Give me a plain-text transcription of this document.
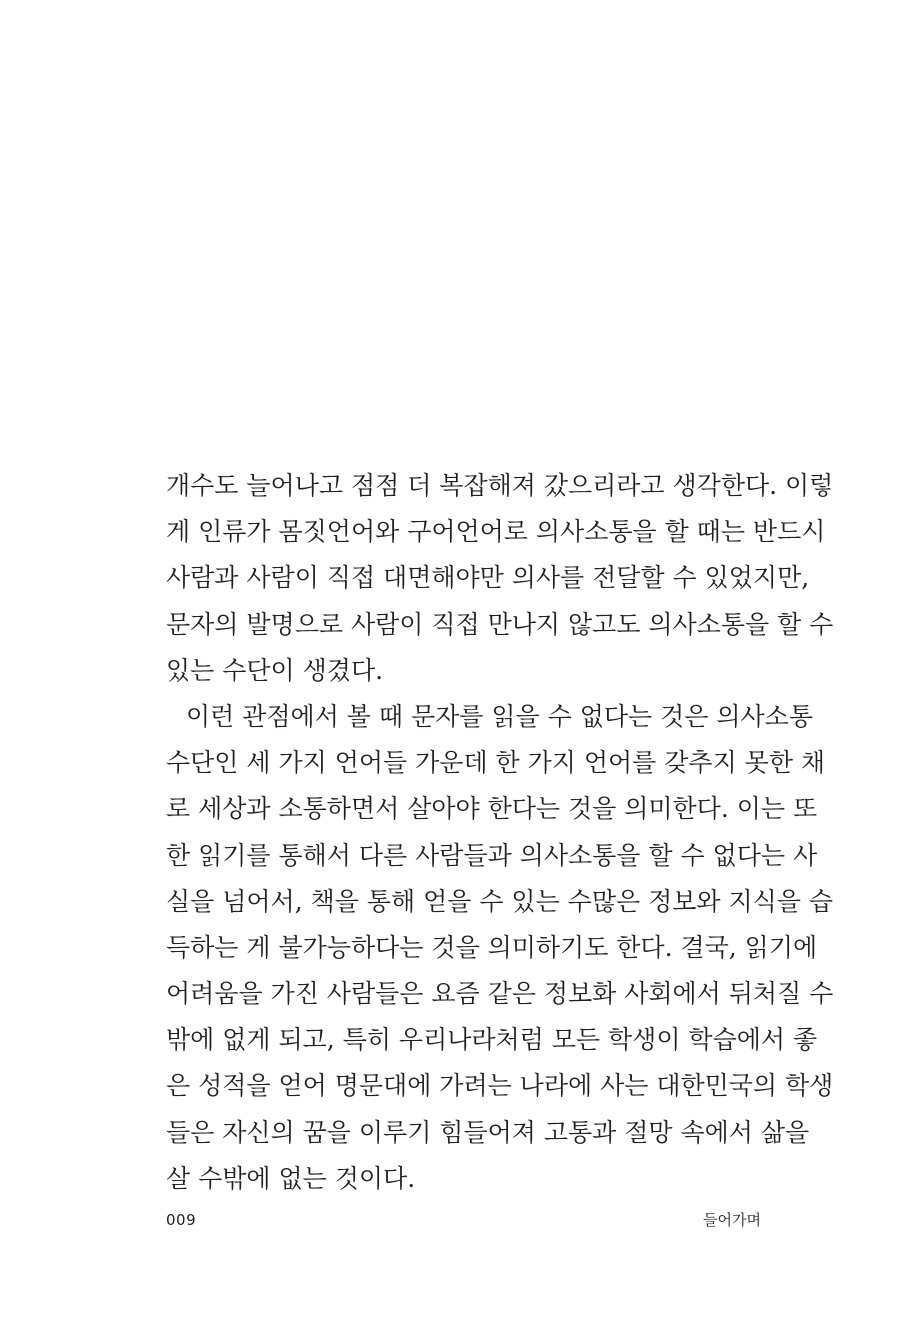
개수도 늘어나고 점점 더 복잡해져 갔으리라고 생각한다. 이렇
게 인류가 몸짓언어와 구어언어로 의사소통을 할 때는 반드시
사람과 사람이 직접 대면해야만 의사를 전달할 수 있었지만,
문자의 발명으로 사람이 직접 만나지 않고도 의사소통을 할 수
있는 수단이 생겼다.
이런 관점에서 볼 때 문자를 읽을 수 없다는 것은 의사소통
수단인 세 가지 언어들 가운데 한 가지 언어를 갖추지 못한 채
로 세상과 소통하면서 살아야 한다는 것을 의미한다. 이는 또
한 읽기를 통해서 다른 사람들과 의사소통을 할 수 없다는 사
실을 넘어서, 책을 통해 얻을 수 있는 수많은 정보와 지식을 습
득하는 게 불가능하다는 것을 의미하기도 한다. 결국, 읽기에
어려움을 가진 사람들은 요즘 같은 정보화 사회에서 뒤처질 수
밖에 없게 되고, 특히 우리나라처럼 모든 학생이 학습에서 좋
은 성적을 얻어 명문대에 가려는 나라에 사는 대한민국의 학생
들은 자신의 꿈을 이루기 힘들어져 고통과 절망 속에서 삶을
살 수밖에 없는 것이다.
009	들어가며
